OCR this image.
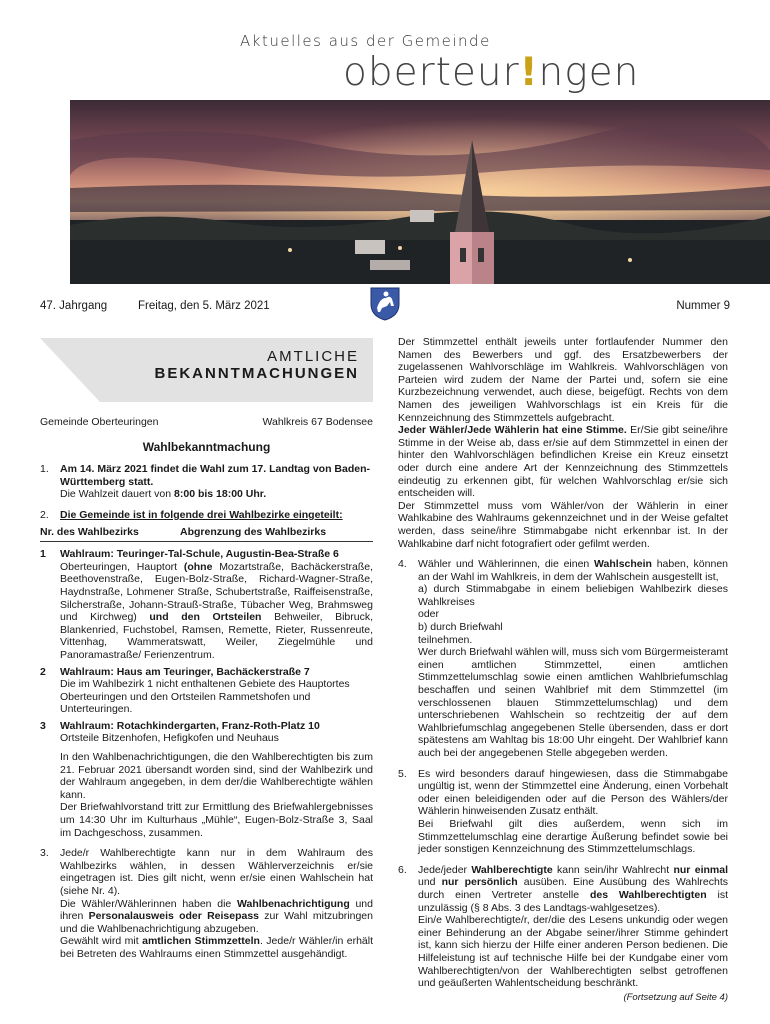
Aktuelles aus der Gemeinde
oberteur!ngen
47. Jahrgang	Freitag, den 5. März 2021	Nummer 9
AMTLICHE
BEKANNTMACHUNGEN
Gemeinde Oberteuringen	Wahlkreis 67 Bodensee
Wahlbekanntmachung
1.	Am 14. März 2021 findet die Wahl zum 17. Landtag von Baden-Württemberg statt.
Die Wahlzeit dauert von 8:00 bis 18:00 Uhr.
2.	Die Gemeinde ist in folgende drei Wahlbezirke eingeteilt:
Nr. des Wahlbezirks	Abgrenzung des Wahlbezirks
1	Wahlraum: Teuringer-Tal-Schule, Augustin-Bea-Straße 6
Oberteuringen, Hauptort (ohne Mozartstraße, Bachäckerstraße, Beethovenstraße, Eugen-Bolz-Straße, Richard-Wagner-Straße, Haydnstraße, Lohmener Straße, Schubertstraße, Raiffeisenstraße, Silcherstraße, Johann-Strauß-Straße, Tübacher Weg, Brahmsweg und Kirchweg) und den Ortsteilen Behweiler, Bibruck, Blankenried, Fuchstobel, Ramsen, Remette, Rieter, Russenreute, Vittenhag, Wammeratswatt, Weiler, Ziegelmühle und Panoramastraße/ Ferienzentrum.
2	Wahlraum: Haus am Teuringer, Bachäckerstraße 7
Die im Wahlbezirk 1 nicht enthaltenen Gebiete des Hauptortes Oberteuringen und den Ortsteilen Rammetshofen und Unterteuringen.
3	Wahlraum: Rotachkindergarten, Franz-Roth-Platz 10
Ortsteile Bitzenhofen, Hefigkofen und Neuhaus
In den Wahlbenachrichtigungen, die den Wahlberechtigten bis zum 21. Februar 2021 übersandt worden sind, sind der Wahlbezirk und der Wahlraum angegeben, in dem der/die Wahlberechtigte wählen kann.
Der Briefwahlvorstand tritt zur Ermittlung des Briefwahlergebnisses um 14:30 Uhr im Kulturhaus „Mühle“, Eugen-Bolz-Straße 3, Saal im Dachgeschoss, zusammen.
3.	Jede/r Wahlberechtigte kann nur in dem Wahlraum des Wahlbezirks wählen, in dessen Wählerverzeichnis er/sie eingetragen ist. Dies gilt nicht, wenn er/sie einen Wahlschein hat (siehe Nr. 4).
Die Wähler/Wählerinnen haben die Wahlbenachrichtigung und ihren Personalausweis oder Reisepass zur Wahl mitzubringen und die Wahlbenachrichtigung abzugeben.
Gewählt wird mit amtlichen Stimmzetteln. Jede/r Wähler/in erhält bei Betreten des Wahlraums einen Stimmzettel ausgehändigt.
Der Stimmzettel enthält jeweils unter fortlaufender Nummer den Namen des Bewerbers und ggf. des Ersatzbewerbers der zugelassenen Wahlvorschläge im Wahlkreis. Wahlvorschlägen von Parteien wird zudem der Name der Partei und, sofern sie eine Kurzbezeichnung verwendet, auch diese, beigefügt. Rechts von dem Namen des jeweiligen Wahlvorschlags ist ein Kreis für die Kennzeichnung des Stimmzettels aufgebracht.
Jeder Wähler/Jede Wählerin hat eine Stimme. Er/Sie gibt seine/ihre Stimme in der Weise ab, dass er/sie auf dem Stimmzettel in einen der hinter den Wahlvorschlägen befindlichen Kreise ein Kreuz einsetzt oder durch eine andere Art der Kennzeichnung des Stimmzettels eindeutig zu erkennen gibt, für welchen Wahlvorschlag er/sie sich entscheiden will.
Der Stimmzettel muss vom Wähler/von der Wählerin in einer Wahlkabine des Wahlraums gekennzeichnet und in der Weise gefaltet werden, dass seine/ihre Stimmabgabe nicht erkennbar ist. In der Wahlkabine darf nicht fotografiert oder gefilmt werden.
4.	Wähler und Wählerinnen, die einen Wahlschein haben, können an der Wahl im Wahlkreis, in dem der Wahlschein ausgestellt ist,
a) durch Stimmabgabe in einem beliebigen Wahlbezirk dieses Wahlkreises
oder
b) durch Briefwahl
teilnehmen.
Wer durch Briefwahl wählen will, muss sich vom Bürgermeisteramt einen amtlichen Stimmzettel, einen amtlichen Stimmzettelumschlag sowie einen amtlichen Wahlbriefumschlag beschaffen und seinen Wahlbrief mit dem Stimmzettel (im verschlossenen blauen Stimmzettelumschlag) und dem unterschriebenen Wahlschein so rechtzeitig der auf dem Wahlbriefumschlag angegebenen Stelle übersenden, dass er dort spätestens am Wahltag bis 18:00 Uhr eingeht. Der Wahlbrief kann auch bei der angegebenen Stelle abgegeben werden.
5.	Es wird besonders darauf hingewiesen, dass die Stimmabgabe ungültig ist, wenn der Stimmzettel eine Änderung, einen Vorbehalt oder einen beleidigenden oder auf die Person des Wählers/der Wählerin hinweisenden Zusatz enthält.
Bei Briefwahl gilt dies außerdem, wenn sich im Stimmzettelumschlag eine derartige Äußerung befindet sowie bei jeder sonstigen Kennzeichnung des Stimmzettelumschlags.
6.	Jede/jeder Wahlberechtigte kann sein/ihr Wahlrecht nur einmal und nur persönlich ausüben. Eine Ausübung des Wahlrechts durch einen Vertreter anstelle des Wahlberechtigten ist unzulässig (§ 8 Abs. 3 des Landtags-wahlgesetzes).
Ein/e Wahlberechtigte/r, der/die des Lesens unkundig oder wegen einer Behinderung an der Abgabe seiner/ihrer Stimme gehindert ist, kann sich hierzu der Hilfe einer anderen Person bedienen. Die Hilfeleistung ist auf technische Hilfe bei der Kundgabe einer vom Wahlberechtigten/von der Wahlberechtigten selbst getroffenen und geäußerten Wahlentscheidung beschränkt.
(Fortsetzung auf Seite 4)
